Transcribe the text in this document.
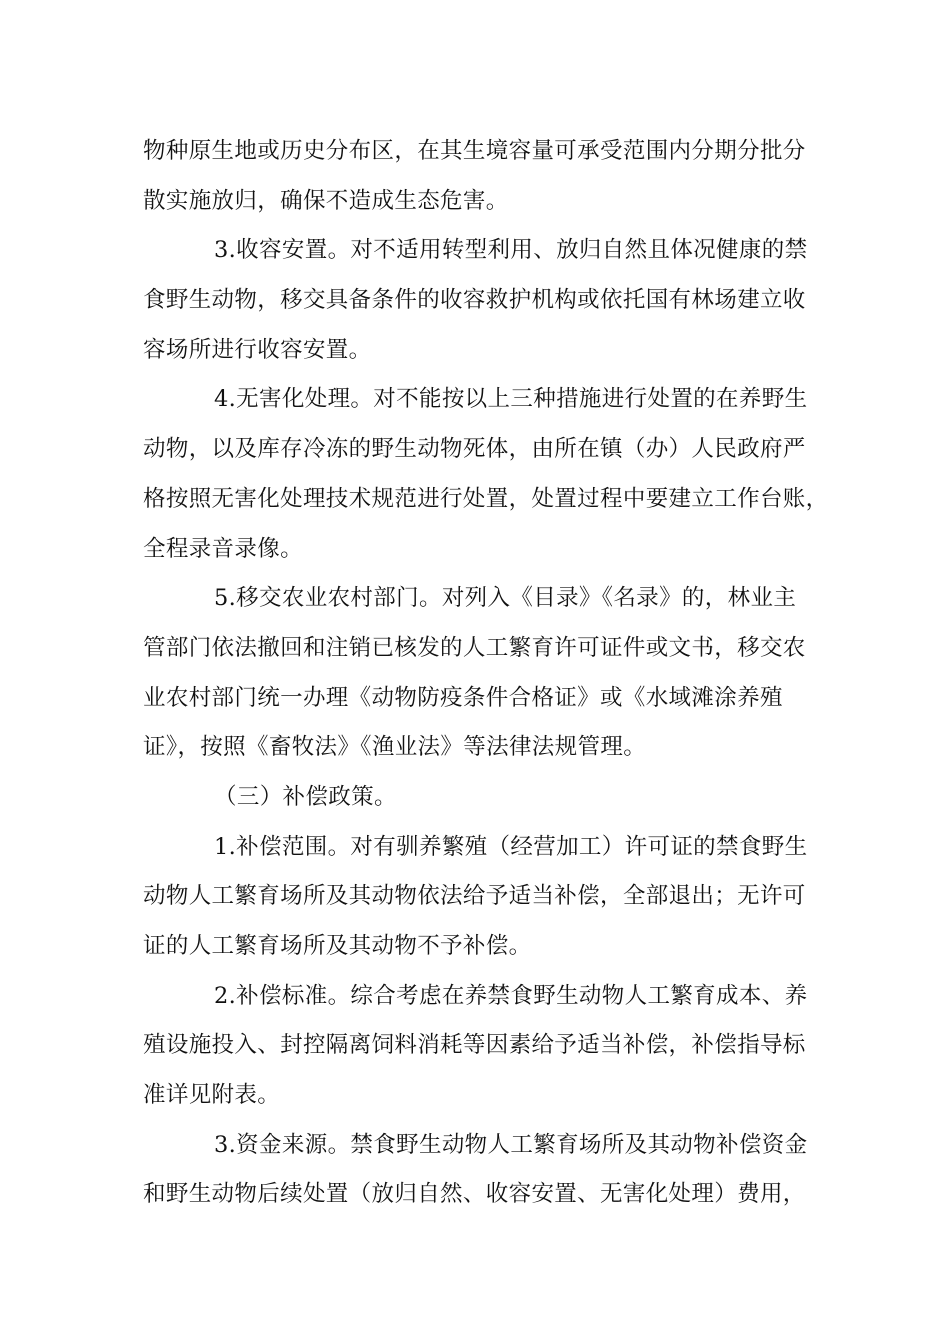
物种原生地或历史分布区，在其生境容量可承受范围内分期分批分
散实施放归，确保不造成生态危害。
3.收容安置。对不适用转型利用、放归自然且体况健康的禁
食野生动物，移交具备条件的收容救护机构或依托国有林场建立收
容场所进行收容安置。
4.无害化处理。对不能按以上三种措施进行处置的在养野生
动物，以及库存冷冻的野生动物死体，由所在镇（办）人民政府严
格按照无害化处理技术规范进行处置，处置过程中要建立工作台账，
全程录音录像。
5.移交农业农村部门。对列入《目录》《名录》的，林业主
管部门依法撤回和注销已核发的人工繁育许可证件或文书，移交农
业农村部门统一办理《动物防疫条件合格证》或《水域滩涂养殖
证》，按照《畜牧法》《渔业法》等法律法规管理。
（三）补偿政策。
1.补偿范围。对有驯养繁殖（经营加工）许可证的禁食野生
动物人工繁育场所及其动物依法给予适当补偿，全部退出；无许可
证的人工繁育场所及其动物不予补偿。
2.补偿标准。综合考虑在养禁食野生动物人工繁育成本、养
殖设施投入、封控隔离饲料消耗等因素给予适当补偿，补偿指导标
准详见附表。
3.资金来源。禁食野生动物人工繁育场所及其动物补偿资金
和野生动物后续处置（放归自然、收容安置、无害化处理）费用，
